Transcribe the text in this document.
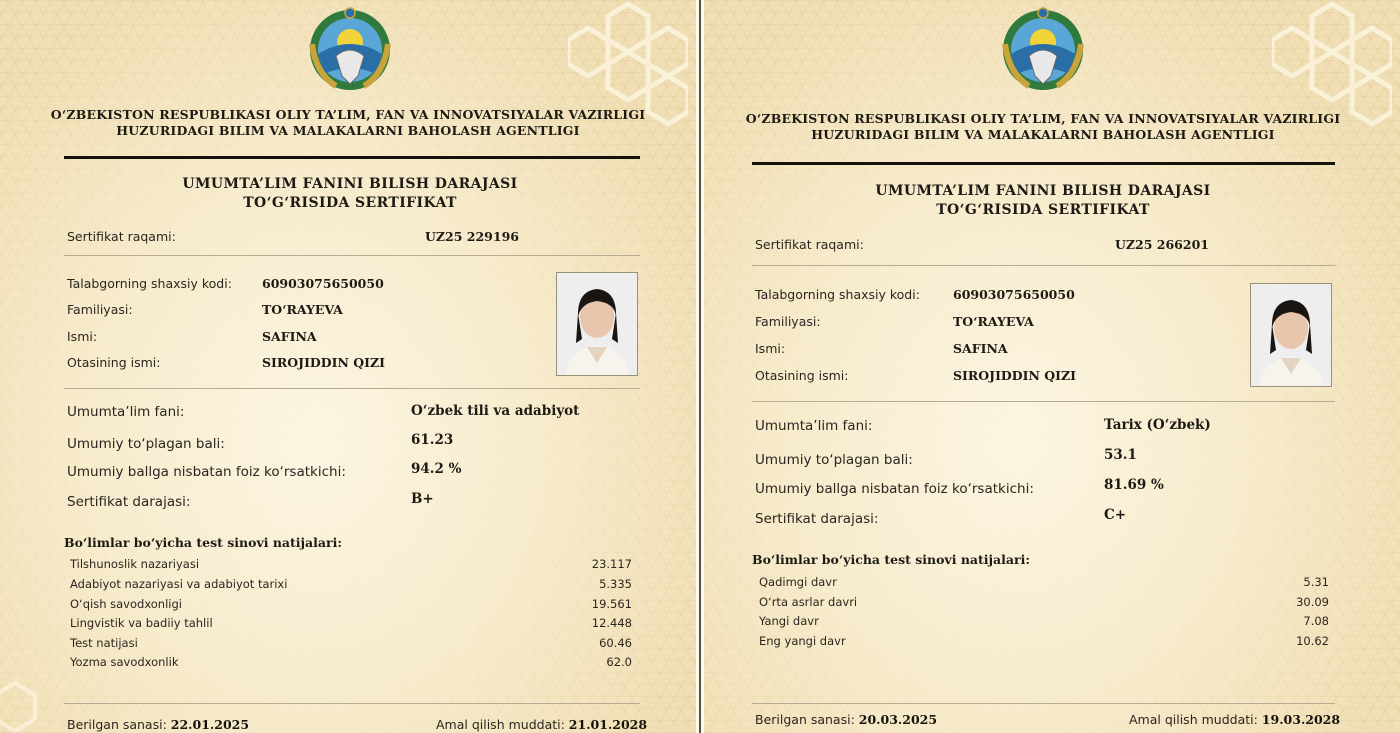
O‘ZBEKISTON RESPUBLIKASI OLIY TA’LIM, FAN VA INNOVATSIYALAR VAZIRLIGI
HUZURIDAGI BILIM VA MALAKALARNI BAHOLASH AGENTLIGI
UMUMTA’LIM FANINI BILISH DARAJASI
TO‘G‘RISIDA SERTIFIKAT
Sertifikat raqami:	UZ25 229196
Talabgorning shaxsiy kodi: 60903075650050
Familiyasi:	TO‘RAYEVA
Ismi:	SAFINA
Otasining ismi:	SIROJIDDIN QIZI
Umumta’lim fani:	O‘zbek tili va adabiyot
Umumiy to‘plagan bali:	61.23
Umumiy ballga nisbatan foiz ko‘rsatkichi:	94.2 %
Sertifikat darajasi:	B+
Bo‘limlar bo‘yicha test sinovi natijalari:
Tilshunoslik nazariyasi	23.117
Adabiyot nazariyasi va adabiyot tarixi	5.335
O‘qish savodxonligi	19.561
Lingvistik va badiiy tahlil	12.448
Test natijasi	60.46
Yozma savodxonlik	62.0
Berilgan sanasi: 22.01.2025	Amal qilish muddati: 21.01.2028
O‘ZBEKISTON RESPUBLIKASI OLIY TA’LIM, FAN VA INNOVATSIYALAR VAZIRLIGI
HUZURIDAGI BILIM VA MALAKALARNI BAHOLASH AGENTLIGI
UMUMTA’LIM FANINI BILISH DARAJASI
TO‘G‘RISIDA SERTIFIKAT
Sertifikat raqami:	UZ25 266201
Talabgorning shaxsiy kodi:	60903075650050
Familiyasi:	TO‘RAYEVA
Ismi:	SAFINA
Otasining ismi:	SIROJIDDIN QIZI
Umumta’lim fani:	Tarix (O‘zbek)
Umumiy to‘plagan bali:	53.1
Umumiy ballga nisbatan foiz ko‘rsatkichi:	81.69 %
Sertifikat darajasi:	C+
Bo‘limlar bo‘yicha test sinovi natijalari:
Qadimgi davr	5.31
O‘rta asrlar davri	30.09
Yangi davr	7.08
Eng yangi davr	10.62
Berilgan sanasi: 20.03.2025	Amal qilish muddati: 19.03.2028
